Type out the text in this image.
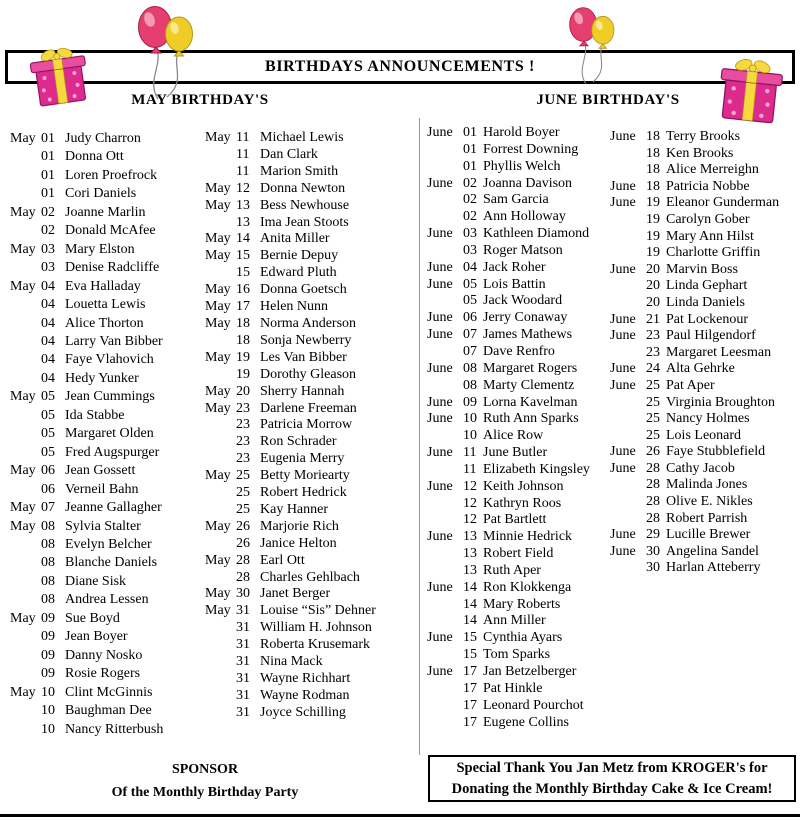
BIRTHDAYS ANNOUNCEMENTS !
MAY BIRTHDAY'S	JUNE BIRTHDAY'S
May 01 Judy Charron
01 Donna Ott
01 Loren Proefrock
01 Cori Daniels
May 02 Joanne Marlin
02 Donald McAfee
May 03 Mary Elston
03 Denise Radcliffe
May 04 Eva Halladay
04 Louetta Lewis
04 Alice Thorton
04 Larry Van Bibber
04 Faye Vlahovich
04 Hedy Yunker
May 05 Jean Cummings
05 Ida Stabbe
05 Margaret Olden
05 Fred Augspurger
May 06 Jean Gossett
06 Verneil Bahn
May 07 Jeanne Gallagher
May 08 Sylvia Stalter
08 Evelyn Belcher
08 Blanche Daniels
08 Diane Sisk
08 Andrea Lessen
May 09 Sue Boyd
09 Jean Boyer
09 Danny Nosko
09 Rosie Rogers
May 10 Clint McGinnis
10 Baughman Dee
10 Nancy Ritterbush
May 11 Michael Lewis
11 Dan Clark
11 Marion Smith
May 12 Donna Newton
May 13 Bess Newhouse
13 Ima Jean Stoots
May 14 Anita Miller
May 15 Bernie Depuy
15 Edward Pluth
May 16 Donna Goetsch
May 17 Helen Nunn
May 18 Norma Anderson
18 Sonja Newberry
May 19 Les Van Bibber
19 Dorothy Gleason
May 20 Sherry Hannah
May 23 Darlene Freeman
23 Patricia Morrow
23 Ron Schrader
23 Eugenia Merry
May 25 Betty Moriearty
25 Robert Hedrick
25 Kay Hanner
May 26 Marjorie Rich
26 Janice Helton
May 28 Earl Ott
28 Charles Gehlbach
May 30 Janet Berger
May 31 Louise “Sis” Dehner
31 William H. Johnson
31 Roberta Krusemark
31 Nina Mack
31 Wayne Richhart
31 Wayne Rodman
31 Joyce Schilling
June 01 Harold Boyer
01 Forrest Downing
01 Phyllis Welch
June 02 Joanna Davison
02 Sam Garcia
02 Ann Holloway
June 03 Kathleen Diamond
03 Roger Matson
June 04 Jack Roher
June 05 Lois Battin
05 Jack Woodard
June 06 Jerry Conaway
June 07 James Mathews
07 Dave Renfro
June 08 Margaret Rogers
08 Marty Clementz
June 09 Lorna Kavelman
June 10 Ruth Ann Sparks
10 Alice Row
June 11 June Butler
11 Elizabeth Kingsley
June 12 Keith Johnson
12 Kathryn Roos
12 Pat Bartlett
June 13 Minnie Hedrick
13 Robert Field
13 Ruth Aper
June 14 Ron Klokkenga
14 Mary Roberts
14 Ann Miller
June 15 Cynthia Ayars
15 Tom Sparks
June 17 Jan Betzelberger
17 Pat Hinkle
17 Leonard Pourchot
17 Eugene Collins
June 18 Terry Brooks
18 Ken Brooks
18 Alice Merreighn
June 18 Patricia Nobbe
June 19 Eleanor Gunderman
19 Carolyn Gober
19 Mary Ann Hilst
19 Charlotte Griffin
June 20 Marvin Boss
20 Linda Gephart
20 Linda Daniels
June 21 Pat Lockenour
June 23 Paul Hilgendorf
23 Margaret Leesman
June 24 Alta Gehrke
June 25 Pat Aper
25 Virginia Broughton
25 Nancy Holmes
25 Lois Leonard
June 26 Faye Stubblefield
June 28 Cathy Jacob
28 Malinda Jones
28 Olive E. Nikles
28 Robert Parrish
June 29 Lucille Brewer
June 30 Angelina Sandel
30 Harlan Atteberry
SPONSOR
Of the Monthly Birthday Party
Special Thank You Jan Metz from KROGER's for
Donating the Monthly Birthday Cake & Ice Cream!
